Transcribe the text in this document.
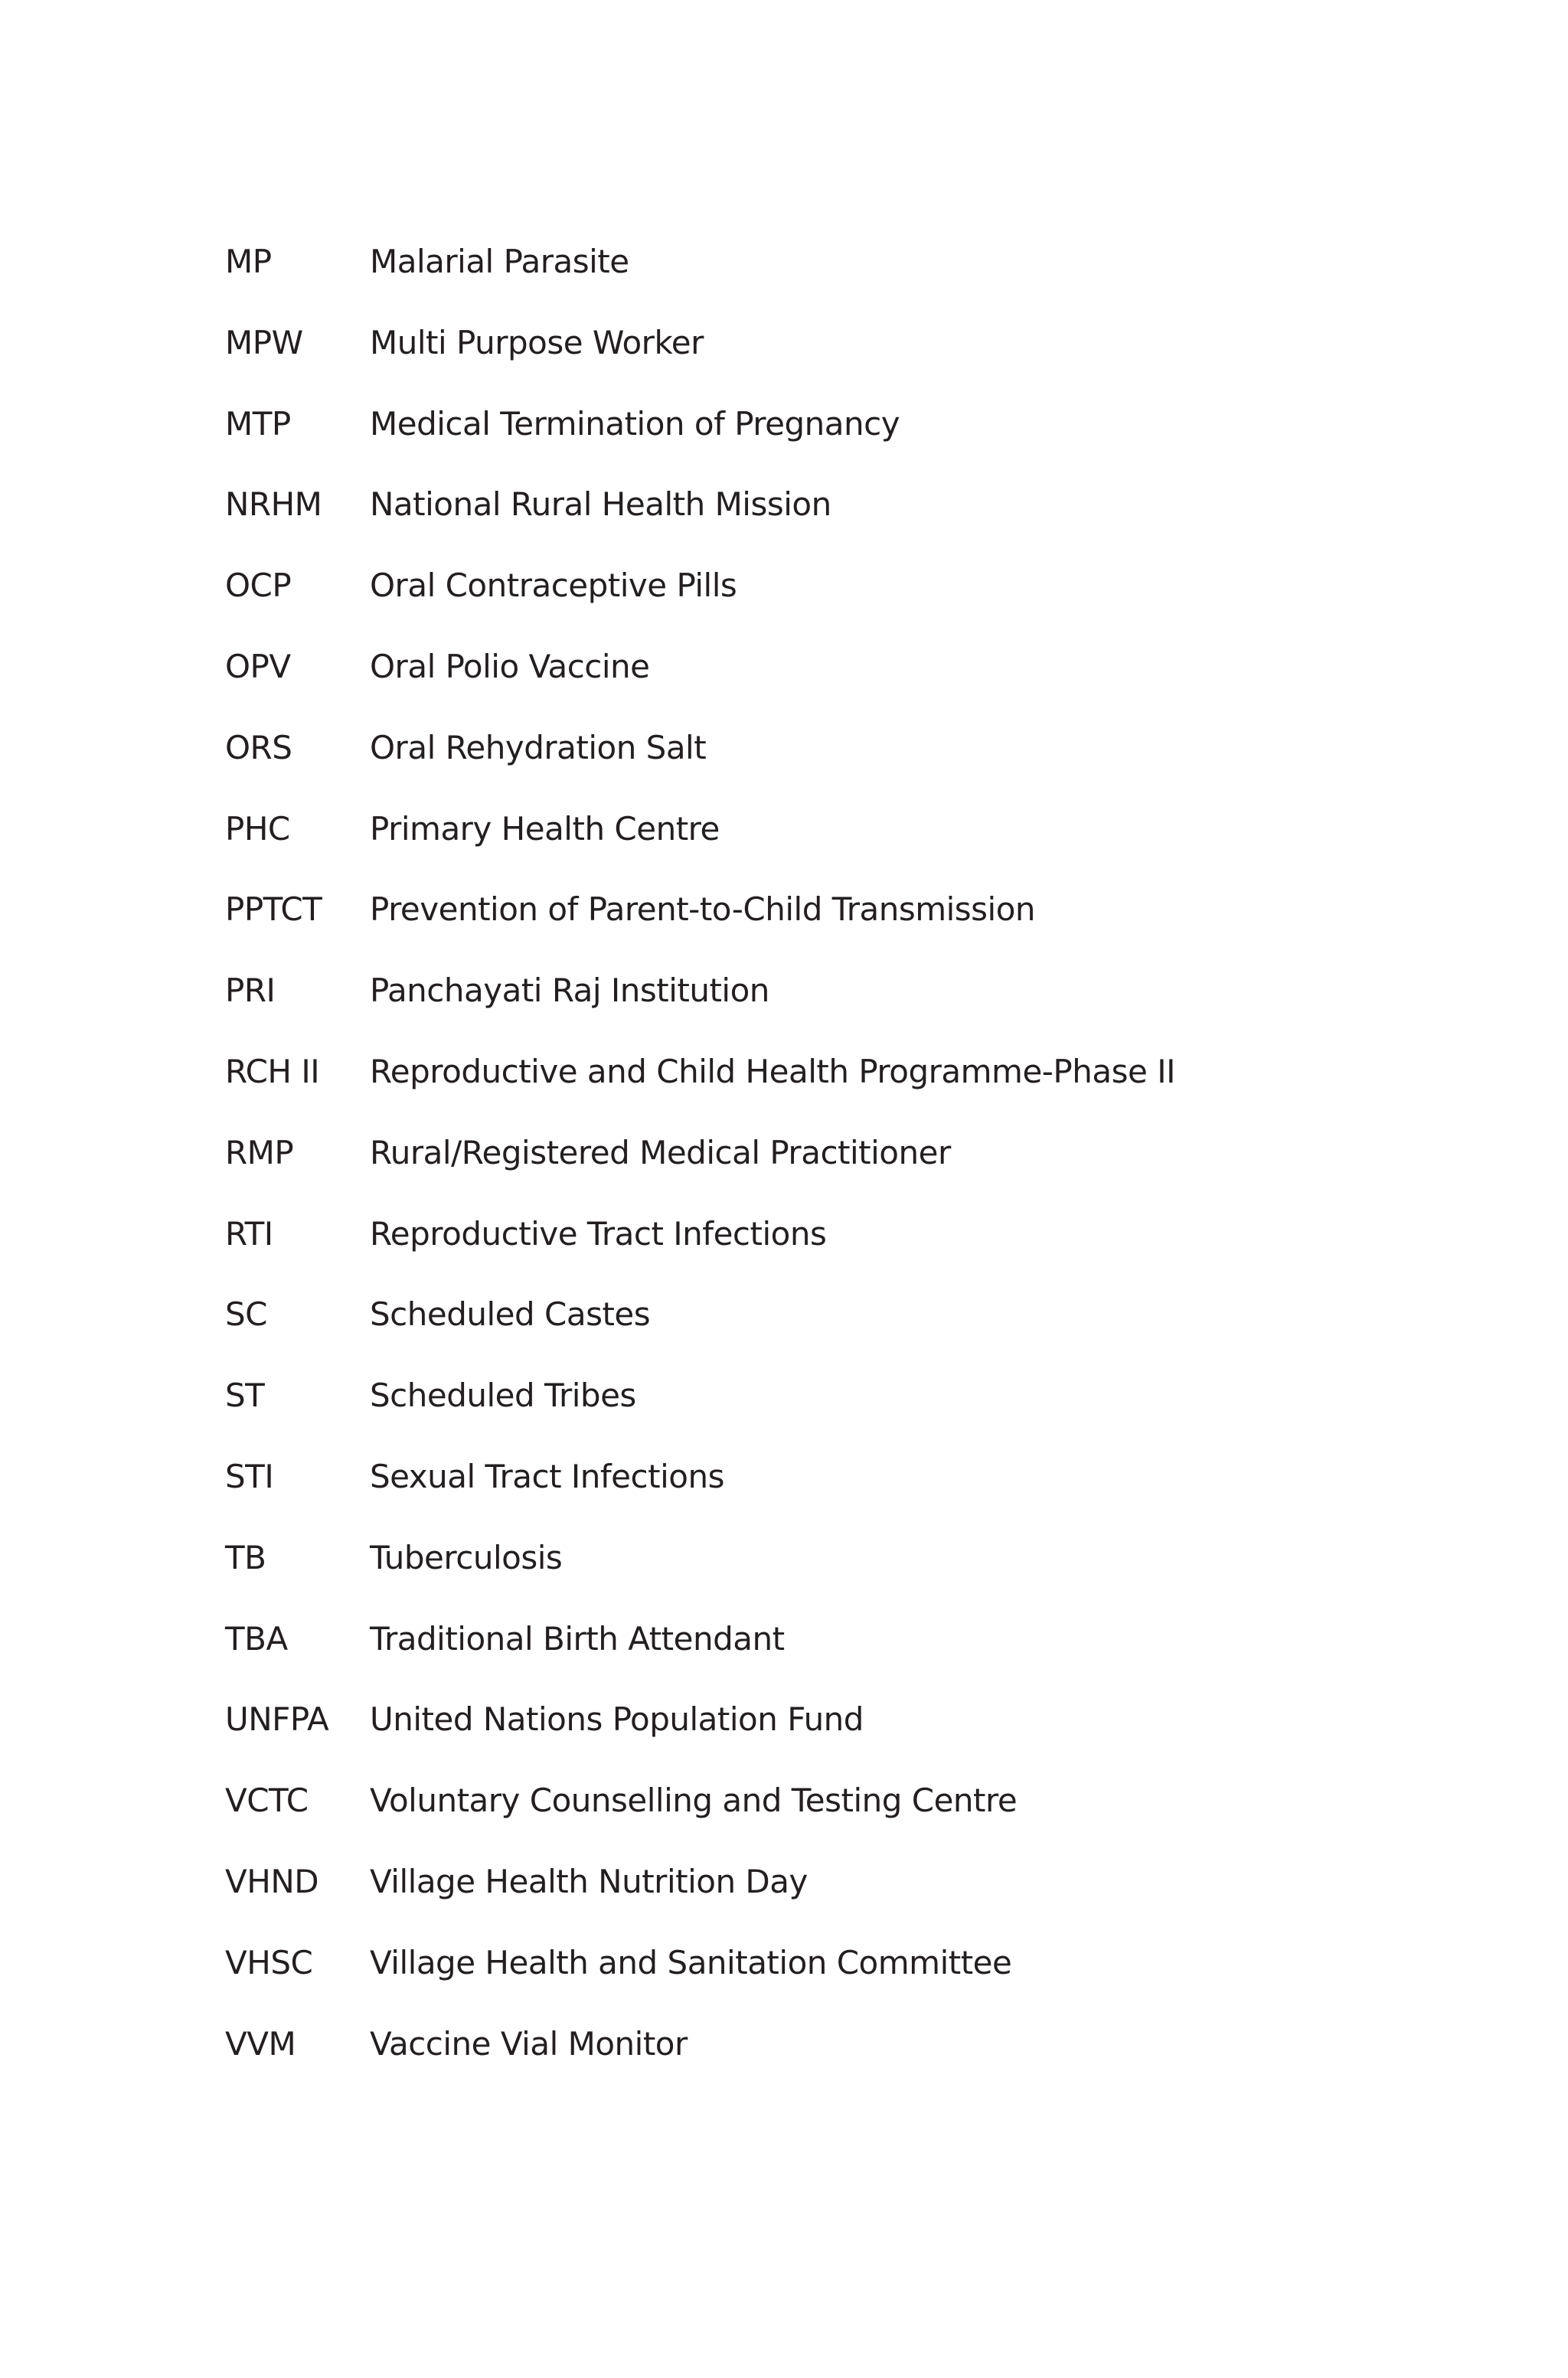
MP	Malarial Parasite
MPW	Multi Purpose Worker
MTP	Medical Termination of Pregnancy
NRHM	National Rural Health Mission
OCP	Oral Contraceptive Pills
OPV	Oral Polio Vaccine
ORS	Oral Rehydration Salt
PHC	Primary Health Centre
PPTCT	Prevention of Parent-to-Child Transmission
PRI	Panchayati Raj Institution
RCH II	Reproductive and Child Health Programme-Phase II
RMP	Rural/Registered Medical Practitioner
RTI	Reproductive Tract Infections
SC	Scheduled Castes
ST	Scheduled Tribes
STI	Sexual Tract Infections
TB	Tuberculosis
TBA	Traditional Birth Attendant
UNFPA	United Nations Population Fund
VCTC	Voluntary Counselling and Testing Centre
VHND	Village Health Nutrition Day
VHSC	Village Health and Sanitation Committee
VVM	Vaccine Vial Monitor
